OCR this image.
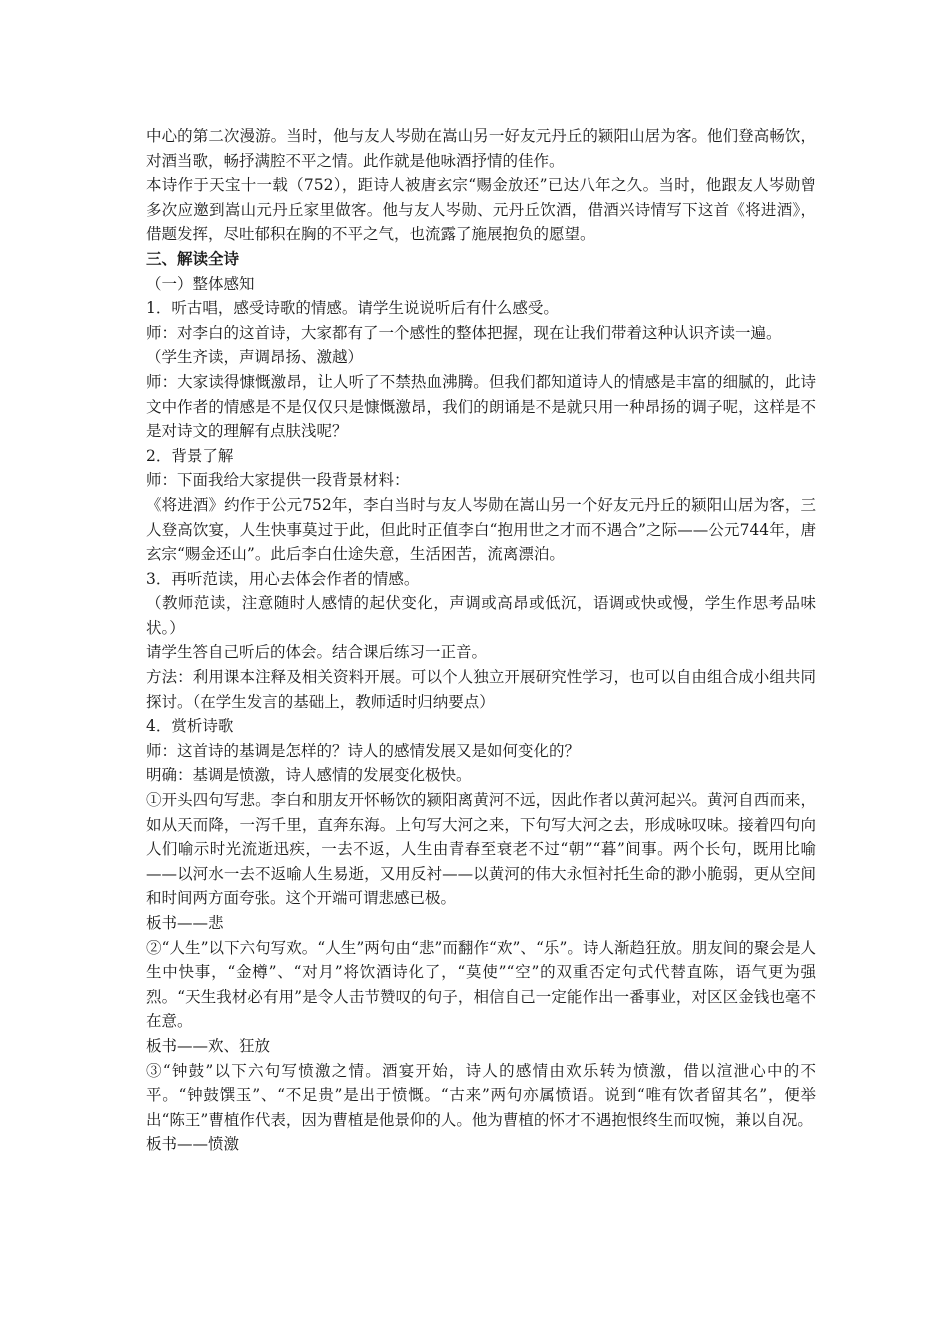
中心的第二次漫游。当时，他与友人岑勋在嵩山另一好友元丹丘的颍阳山居为客。他们登高畅饮，对酒当歌，畅抒满腔不平之情。此作就是他咏酒抒情的佳作。

本诗作于天宝十一载（752），距诗人被唐玄宗“赐金放还”已达八年之久。当时，他跟友人岑勋曾多次应邀到嵩山元丹丘家里做客。他与友人岑勋、元丹丘饮酒，借酒兴诗情写下这首《将进酒》，借题发挥，尽吐郁积在胸的不平之气，也流露了施展抱负的愿望。

三、解读全诗

（一）整体感知

1．听古唱，感受诗歌的情感。请学生说说听后有什么感受。

师：对李白的这首诗，大家都有了一个感性的整体把握，现在让我们带着这种认识齐读一遍。

（学生齐读，声调昂扬、激越）

师：大家读得慷慨激昂，让人听了不禁热血沸腾。但我们都知道诗人的情感是丰富的细腻的，此诗文中作者的情感是不是仅仅只是慷慨激昂，我们的朗诵是不是就只用一种昂扬的调子呢，这样是不是对诗文的理解有点肤浅呢？

2．背景了解

师：下面我给大家提供一段背景材料：

《将进酒》约作于公元752年，李白当时与友人岑勋在嵩山另一个好友元丹丘的颍阳山居为客，三人登高饮宴，人生快事莫过于此，但此时正值李白“抱用世之才而不遇合”之际——公元744年，唐玄宗“赐金还山”。此后李白仕途失意，生活困苦，流离漂泊。

3．再听范读，用心去体会作者的情感。

（教师范读，注意随时人感情的起伏变化，声调或高昂或低沉，语调或快或慢，学生作思考品味状。）

请学生答自己听后的体会。结合课后练习一正音。

方法：利用课本注释及相关资料开展。可以个人独立开展研究性学习，也可以自由组合成小组共同探讨。（在学生发言的基础上，教师适时归纳要点）

4．赏析诗歌

师：这首诗的基调是怎样的？诗人的感情发展又是如何变化的？

明确：基调是愤激，诗人感情的发展变化极快。

①开头四句写悲。李白和朋友开怀畅饮的颍阳离黄河不远，因此作者以黄河起兴。黄河自西而来，如从天而降，一泻千里，直奔东海。上句写大河之来，下句写大河之去，形成咏叹味。接着四句向人们喻示时光流逝迅疾，一去不返，人生由青春至衰老不过“朝”“暮”间事。两个长句，既用比喻——以河水一去不返喻人生易逝，又用反衬——以黄河的伟大永恒衬托生命的渺小脆弱，更从空间和时间两方面夸张。这个开端可谓悲感已极。

板书——悲

②“人生”以下六句写欢。“人生”两句由“悲”而翻作“欢”、“乐”。诗人渐趋狂放。朋友间的聚会是人生中快事，“金樽”、“对月”将饮酒诗化了，“莫使”“空”的双重否定句式代替直陈，语气更为强烈。“天生我材必有用”是令人击节赞叹的句子，相信自己一定能作出一番事业，对区区金钱也毫不在意。

板书——欢、狂放

③“钟鼓”以下六句写愤激之情。酒宴开始，诗人的感情由欢乐转为愤激，借以渲泄心中的不平。“钟鼓馔玉”、“不足贵”是出于愤慨。“古来”两句亦属愤语。说到“唯有饮者留其名”，便举出“陈王”曹植作代表，因为曹植是他景仰的人。他为曹植的怀才不遇抱恨终生而叹惋，兼以自况。

板书——愤激
